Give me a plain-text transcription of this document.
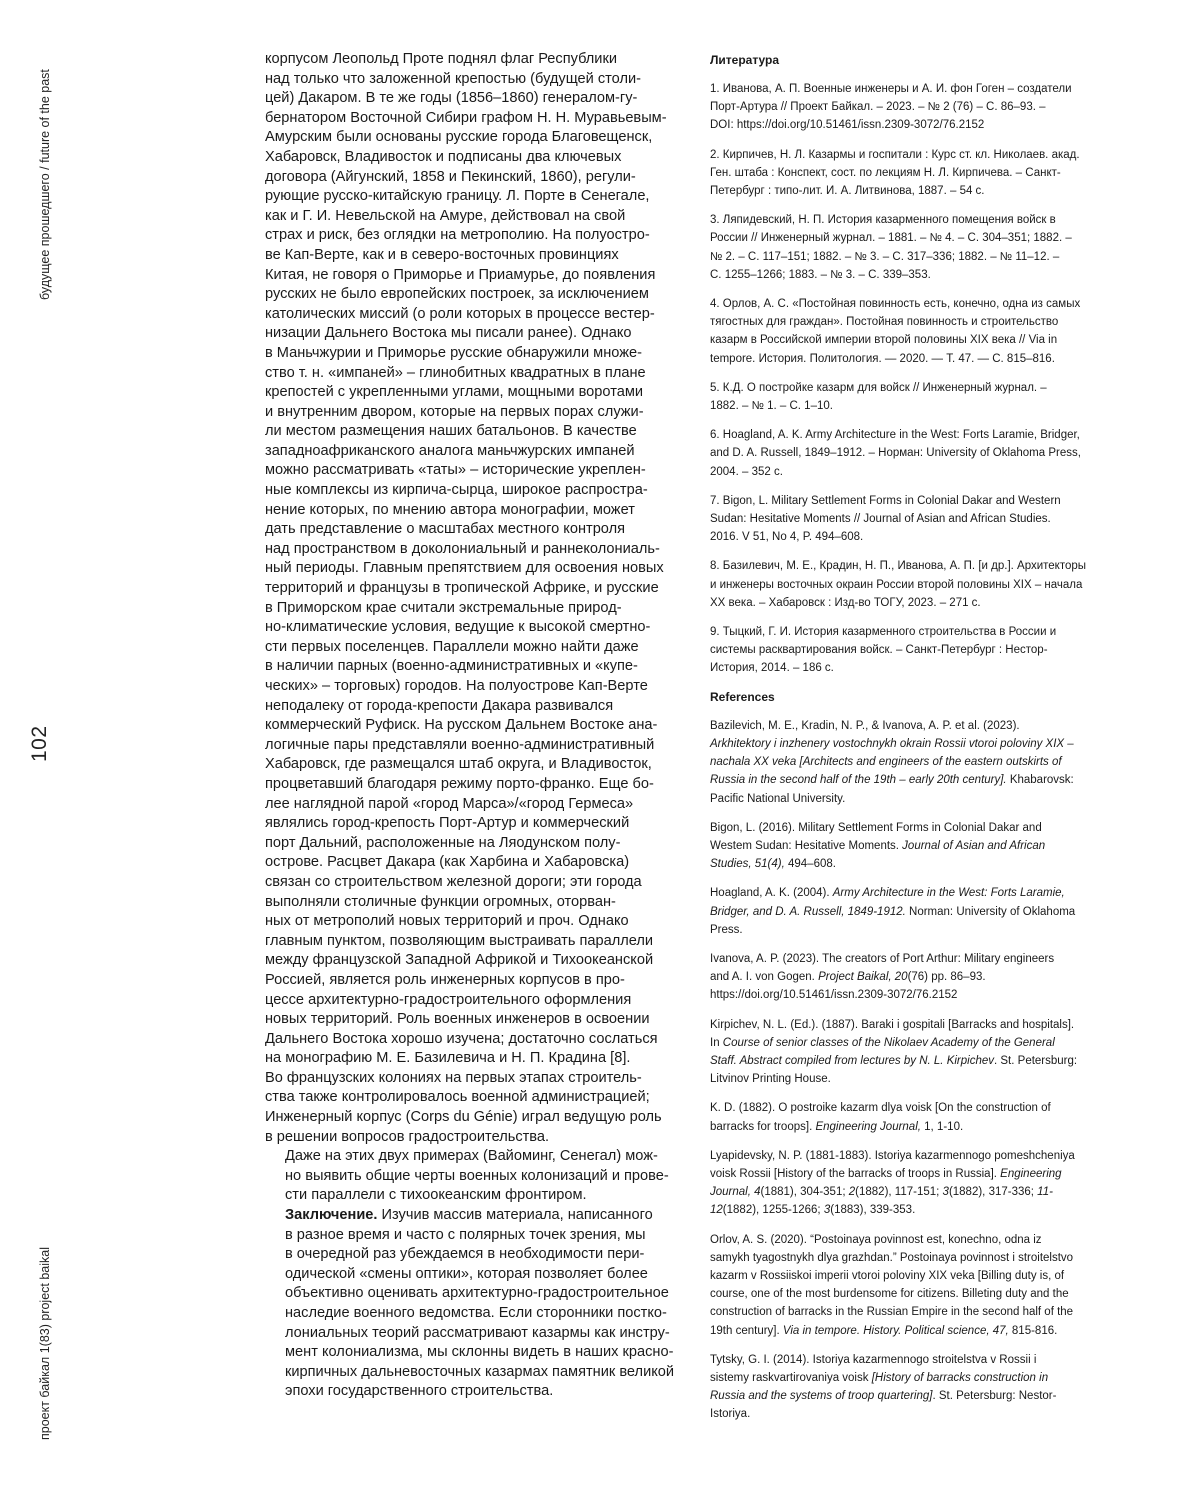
будущее прошедшего / future of the past
102
проект байкал 1(83) project baikal

корпусом Леопольд Проте поднял флаг Республики
над только что заложенной крепостью (будущей столи-
цей) Дакаром. В те же годы (1856–1860) генералом-гу-
бернатором Восточной Сибири графом Н. Н. Муравьевым-
Амурским были основаны русские города Благовещенск,
Хабаровск, Владивосток и подписаны два ключевых
договора (Айгунский, 1858 и Пекинский, 1860), регули-
рующие русско-китайскую границу. Л. Порте в Сенегале,
как и Г. И. Невельской на Амуре, действовал на свой
страх и риск, без оглядки на метрополию. На полуостро-
ве Кап-Верте, как и в северо-восточных провинциях
Китая, не говоря о Приморье и Приамурье, до появления
русских не было европейских построек, за исключением
католических миссий (о роли которых в процессе вестер-
низации Дальнего Востока мы писали ранее). Однако
в Маньчжурии и Приморье русские обнаружили множе-
ство т. н. «импаней» – глинобитных квадратных в плане
крепостей с укрепленными углами, мощными воротами
и внутренним двором, которые на первых порах служи-
ли местом размещения наших батальонов. В качестве
западноафриканского аналога маньчжурских импаней
можно рассматривать «таты» – исторические укреплен-
ные комплексы из кирпича-сырца, широкое распростра-
нение которых, по мнению автора монографии, может
дать представление о масштабах местного контроля
над пространством в доколониальный и раннеколониаль-
ный периоды. Главным препятствием для освоения новых
территорий и французы в тропической Африке, и русские
в Приморском крае считали экстремальные природ-
но-климатические условия, ведущие к высокой смертно-
сти первых поселенцев. Параллели можно найти даже
в наличии парных (военно-административных и «купе-
ческих» – торговых) городов. На полуострове Кап-Верте
неподалеку от города-крепости Дакара развивался
коммерческий Руфиск. На русском Дальнем Востоке ана-
логичные пары представляли военно-административный
Хабаровск, где размещался штаб округа, и Владивосток,
процветавший благодаря режиму порто-франко. Еще бо-
лее наглядной парой «город Марса»/«город Гермеса»
являлись город-крепость Порт-Артур и коммерческий
порт Дальний, расположенные на Ляодунском полу-
острове. Расцвет Дакара (как Харбина и Хабаровска)
связан со строительством железной дороги; эти города
выполняли столичные функции огромных, оторван-
ных от метрополий новых территорий и проч. Однако
главным пунктом, позволяющим выстраивать параллели
между французской Западной Африкой и Тихоокеанской
Россией, является роль инженерных корпусов в про-
цессе архитектурно-градостроительного оформления
новых территорий. Роль военных инженеров в освоении
Дальнего Востока хорошо изучена; достаточно сослаться
на монографию М. Е. Базилевича и Н. П. Крадина [8].
Во французских колониях на первых этапах строитель-
ства также контролировалось военной администрацией;
Инженерный корпус (Corps du Génie) играл ведущую роль
в решении вопросов градостроительства.

Даже на этих двух примерах (Вайоминг, Сенегал) мож-
но выявить общие черты военных колонизаций и прове-
сти параллели с тихоокеанским фронтиром.

Заключение. Изучив массив материала, написанного
в разное время и часто с полярных точек зрения, мы
в очередной раз убеждаемся в необходимости пери-
одической «смены оптики», которая позволяет более
объективно оценивать архитектурно-градостроительное
наследие военного ведомства. Если сторонники постко-
лониальных теорий рассматривают казармы как инстру-
мент колониализма, мы склонны видеть в наших красно-
кирпичных дальневосточных казармах памятник великой
эпохи государственного строительства.

Литература
1. Иванова, А. П. Военные инженеры и А. И. фон Гоген – создатели
Порт-Артура // Проект Байкал. – 2023. – № 2 (76) – С. 86–93. –
DOI: https://doi.org/10.51461/issn.2309-3072/76.2152
2. Кирпичев, Н. Л. Казармы и госпитали : Курс ст. кл. Николаев. акад.
Ген. штаба : Конспект, сост. по лекциям Н. Л. Кирпичева. – Санкт-
Петербург : типо-лит. И. А. Литвинова, 1887. – 54 с.
3. Ляпидевский, Н. П. История казарменного помещения войск в
России // Инженерный журнал. – 1881. – № 4. – С. 304–351; 1882. –
№ 2. – С. 117–151; 1882. – № 3. – С. 317–336; 1882. – № 11–12. –
С. 1255–1266; 1883. – № 3. – С. 339–353.
4. Орлов, А. С. «Постойная повинность есть, конечно, одна из самых
тягостных для граждан». Постойная повинность и строительство
казарм в Российской империи второй половины XIX века // Via in
tempore. История. Политология. — 2020. — Т. 47. — С. 815–816.
5. К.Д. О постройке казарм для войск // Инженерный журнал. –
1882. – № 1. – С. 1–10.
6. Hoagland, A. K. Army Architecture in the West: Forts Laramie, Bridger,
and D. A. Russell, 1849–1912. – Норман: University of Oklahoma Press,
2004. – 352 с.
7. Bigon, L. Military Settlement Forms in Colonial Dakar and Western
Sudan: Hesitative Moments // Journal of Asian and African Studies.
2016. V 51, No 4, P. 494–608.
8. Базилевич, М. Е., Крадин, Н. П., Иванова, А. П. [и др.]. Архитекторы
и инженеры восточных окраин России второй половины XIX – начала
XX века. – Хабаровск : Изд-во ТОГУ, 2023. – 271 с.
9. Тыцкий, Г. И. История казарменного строительства в России и
системы расквартирования войск. – Санкт-Петербург : Нестор-
История, 2014. – 186 с.
References
Bazilevich, M. E., Kradin, N. P., & Ivanova, A. P. et al. (2023).
Arkhitektory i inzhenery vostochnykh okrain Rossii vtoroi poloviny XIX –
nachala XX veka [Architects and engineers of the eastern outskirts of
Russia in the second half of the 19th – early 20th century]. Khabarovsk:
Pacific National University.
Bigon, L. (2016). Military Settlement Forms in Colonial Dakar and
Westem Sudan: Hesitative Moments. Journal of Asian and African
Studies, 51(4), 494–608.
Hoagland, A. K. (2004). Army Architecture in the West: Forts Laramie,
Bridger, and D. A. Russell, 1849-1912. Norman: University of Oklahoma
Press.
Ivanova, A. P. (2023). The creators of Port Arthur: Military engineers
and A. I. von Gogen. Project Baikal, 20(76) pp. 86–93.
https://doi.org/10.51461/issn.2309-3072/76.2152
Kirpichev, N. L. (Ed.). (1887). Baraki i gospitali [Barracks and hospitals].
In Course of senior classes of the Nikolaev Academy of the General
Staff. Abstract compiled from lectures by N. L. Kirpichev. St. Petersburg:
Litvinov Printing House.
K. D. (1882). O postroike kazarm dlya voisk [On the construction of
barracks for troops]. Engineering Journal, 1, 1-10.
Lyapidevsky, N. P. (1881-1883). Istoriya kazarmennogo pomeshcheniya
voisk Rossii [History of the barracks of troops in Russia]. Engineering
Journal, 4(1881), 304-351; 2(1882), 117-151; 3(1882), 317-336; 11-
12(1882), 1255-1266; 3(1883), 339-353.
Orlov, A. S. (2020). “Postoinaya povinnost est, konechno, odna iz
samykh tyagostnykh dlya grazhdan.” Postoinaya povinnost i stroitelstvo
kazarm v Rossiiskoi imperii vtoroi poloviny XIX veka [Billing duty is, of
course, one of the most burdensome for citizens. Billeting duty and the
construction of barracks in the Russian Empire in the second half of the
19th century]. Via in tempore. History. Political science, 47, 815-816.
Tytsky, G. I. (2014). Istoriya kazarmennogo stroitelstva v Rossii i
sistemy raskvartirovaniya voisk [History of barracks construction in
Russia and the systems of troop quartering]. St. Petersburg: Nestor-
Istoriya.
